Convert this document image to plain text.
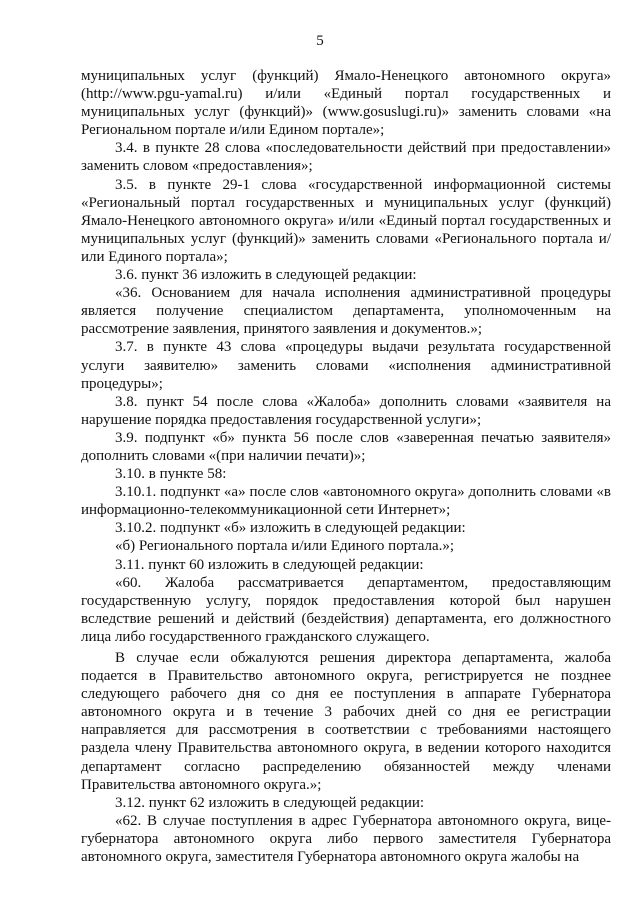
5

муниципальных услуг (функций) Ямало-Ненецкого автономного округа» (http://www.pgu-yamal.ru) и/или «Единый портал государственных и муниципальных услуг (функций)» (www.gosuslugi.ru)» заменить словами «на Региональном портале и/или Едином портале»;

3.4. в пункте 28 слова «последовательности действий при предоставлении» заменить словом «предоставления»;

3.5. в пункте 29-1 слова «государственной информационной системы «Региональный портал государственных и муниципальных услуг (функций) Ямало-Ненецкого автономного округа» и/или «Единый портал государственных и муниципальных услуг (функций)» заменить словами «Регионального портала и/или Единого портала»;

3.6. пункт 36 изложить в следующей редакции:

«36. Основанием для начала исполнения административной процедуры является получение специалистом департамента, уполномоченным на рассмотрение заявления, принятого заявления и документов.»;

3.7. в пункте 43 слова «процедуры выдачи результата государственной услуги заявителю» заменить словами «исполнения административной процедуры»;

3.8. пункт 54 после слова «Жалоба» дополнить словами «заявителя на нарушение порядка предоставления государственной услуги»;

3.9. подпункт «б» пункта 56 после слов «заверенная печатью заявителя» дополнить словами «(при наличии печати)»;

3.10. в пункте 58:

3.10.1. подпункт «а» после слов «автономного округа» дополнить словами «в информационно-телекоммуникационной сети Интернет»;

3.10.2. подпункт «б» изложить в следующей редакции:

«б) Регионального портала и/или Единого портала.»;

3.11. пункт 60 изложить в следующей редакции:

«60. Жалоба рассматривается департаментом, предоставляющим государственную услугу, порядок предоставления которой был нарушен вследствие решений и действий (бездействия) департамента, его должностного лица либо государственного гражданского служащего.

В случае если обжалуются решения директора департамента, жалоба подается в Правительство автономного округа, регистрируется не позднее следующего рабочего дня со дня ее поступления в аппарате Губернатора автономного округа и в течение 3 рабочих дней со дня ее регистрации направляется для рассмотрения в соответствии с требованиями настоящего раздела члену Правительства автономного округа, в ведении которого находится департамент согласно распределению обязанностей между членами Правительства автономного округа.»;

3.12. пункт 62 изложить в следующей редакции:

«62. В случае поступления в адрес Губернатора автономного округа, вице-губернатора автономного округа либо первого заместителя Губернатора автономного округа, заместителя Губернатора автономного округа жалобы на
